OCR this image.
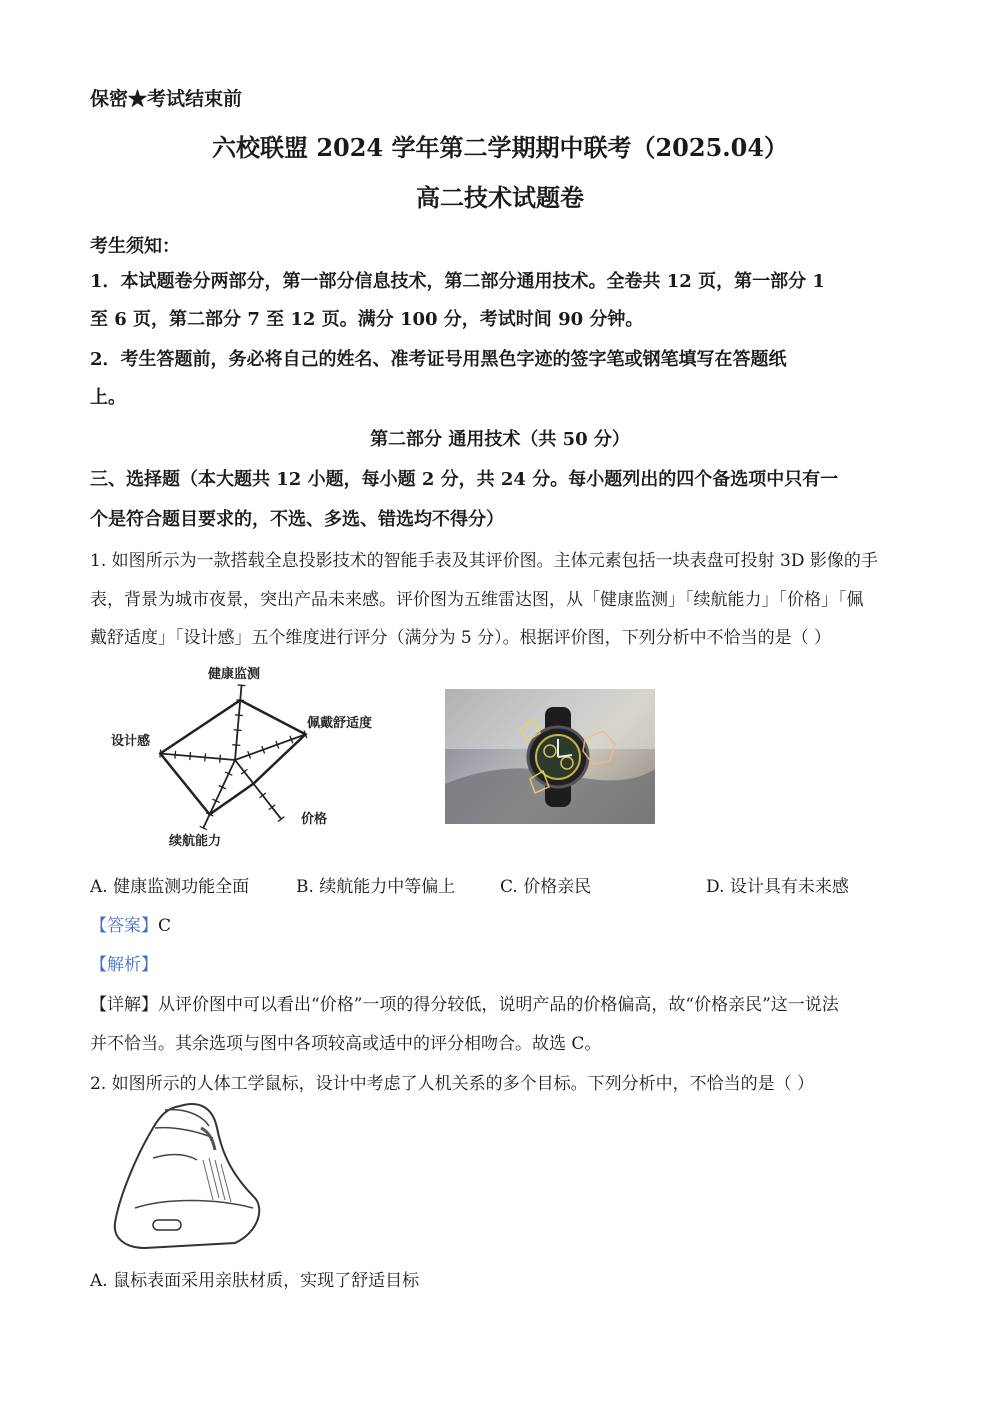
保密★考试结束前
六校联盟 2024 学年第二学期期中联考（2025.04）
高二技术试题卷
考生须知：
1．本试题卷分两部分，第一部分信息技术，第二部分通用技术。全卷共 12 页，第一部分 1
至 6 页，第二部分 7 至 12 页。满分 100 分，考试时间 90 分钟。
2．考生答题前，务必将自己的姓名、准考证号用黑色字迹的签字笔或钢笔填写在答题纸
上。
第二部分 通用技术（共 50 分）
三、选择题（本大题共 12 小题，每小题 2 分，共 24 分。每小题列出的四个备选项中只有一
个是符合题目要求的，不选、多选、错选均不得分）
1. 如图所示为一款搭载全息投影技术的智能手表及其评价图。主体元素包括一块表盘可投射 3D 影像的手
表，背景为城市夜景，突出产品未来感。评价图为五维雷达图，从「健康监测」「续航能力」「价格」「佩
戴舒适度」「设计感」五个维度进行评分（满分为 5 分）。根据评价图，下列分析中不恰当的是（ ）
健康监测
佩戴舒适度
价格
续航能力
设计感
A. 健康监测功能全面	B. 续航能力中等偏上	C. 价格亲民	D. 设计具有未来感
【答案】C
【解析】
【详解】从评价图中可以看出“价格”一项的得分较低，说明产品的价格偏高，故“价格亲民”这一说法
并不恰当。其余选项与图中各项较高或适中的评分相吻合。故选 C。
2. 如图所示的人体工学鼠标，设计中考虑了人机关系的多个目标。下列分析中，不恰当的是（ ）
A. 鼠标表面采用亲肤材质，实现了舒适目标
